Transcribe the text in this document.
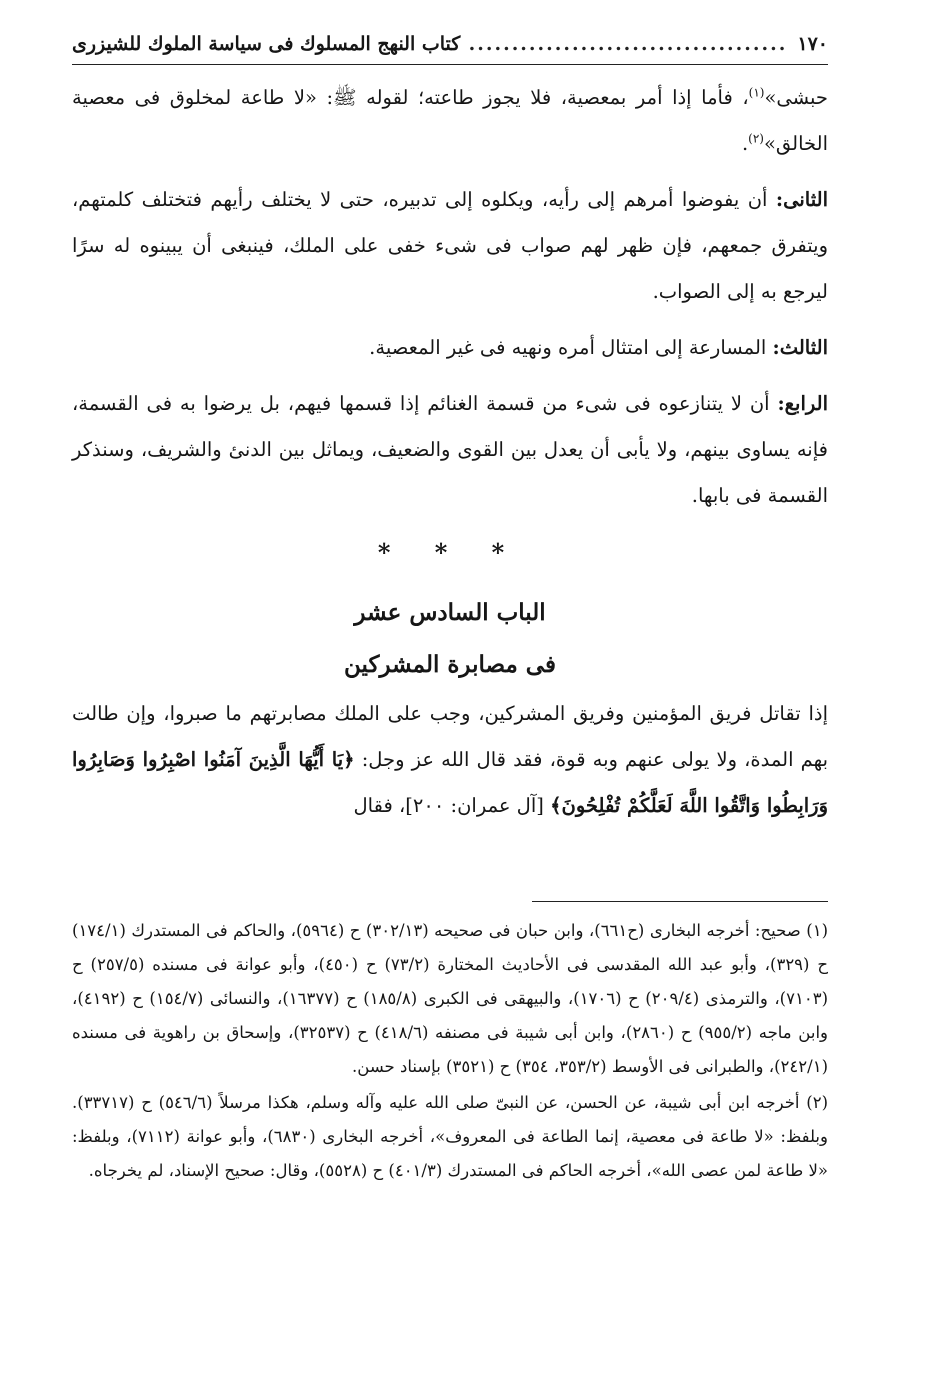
١٧٠
.....
كتاب النهج المسلوك فى سياسة الملوك للشيزرى

حبشى»$^{(١)}$، فأما إذا أمر بمعصية، فلا يجوز طاعته؛ لقوله ﷺ: «لا طاعة لمخلوق فى معصية الخالق»$^{(٢)}$.

الثانى: أن يفوضوا أمرهم إلى رأيه، ويكلوه إلى تدبيره، حتى لا يختلف رأيهم فتختلف كلمتهم، ويتفرق جمعهم، فإن ظهر لهم صواب فى شىء خفى على الملك، فينبغى أن يبينوه له سرًا ليرجع به إلى الصواب.

الثالث: المسارعة إلى امتثال أمره ونهيه فى غير المعصية.

الرابع: أن لا يتنازعوه فى شىء من قسمة الغنائم إذا قسمها فيهم، بل يرضوا به فى القسمة، فإنه يساوى بينهم، ولا يأبى أن يعدل بين القوى والضعيف، ويماثل بين الدنئ والشريف، وسنذكر القسمة فى بابها.

* * *
الباب السادس عشر
فى مصابرة المشركين

إذا تقاتل فريق المؤمنين وفريق المشركين، وجب على الملك مصابرتهم ما صبروا، وإن طالت بهم المدة، ولا يولى عنهم وبه قوة، فقد قال الله عز وجل: ﴿يَا أَيُّهَا الَّذِينَ آمَنُوا اصْبِرُوا وَصَابِرُوا وَرَابِطُوا وَاتَّقُوا اللَّهَ لَعَلَّكُمْ تُفْلِحُونَ﴾ [آل عمران: ٢٠٠]، فقال

(١) صحيح: أخرجه البخارى (ح٦٦١)، وابن حبان فى صحيحه (٣٠٢/١٣) ح (٥٩٦٤)، والحاكم فى المستدرك (١٧٤/١) ح (٣٢٩)، وأبو عبد الله المقدسى فى الأحاديث المختارة (٧٣/٢) ح (٤٥٠)، وأبو عوانة فى مسنده (٢٥٧/٥) ح (٧١٠٣)، والترمذى (٢٠٩/٤) ح (١٧٠٦)، والبيهقى فى الكبرى (١٨٥/٨) ح (١٦٣٧٧)، والنسائى (١٥٤/٧) ح (٤١٩٢)، وابن ماجه (٩٥٥/٢) ح (٢٨٦٠)، وابن أبى شيبة فى مصنفه (٤١٨/٦) ح (٣٢٥٣٧)، وإسحاق بن راهوية فى مسنده (٢٤٢/١)، والطبرانى فى الأوسط (٣٥٣/٢، ٣٥٤) ح (٣٥٢١) بإسناد حسن.

(٢) أخرجه ابن أبى شيبة، عن الحسن، عن النبىّ صلى الله عليه وآله وسلم، هكذا مرسلاً (٥٤٦/٦) ح (٣٣٧١٧). وبلفظ: «لا طاعة فى معصية، إنما الطاعة فى المعروف»، أخرجه البخارى (٦٨٣٠)، وأبو عوانة (٧١١٢)، وبلفظ: «لا طاعة لمن عصى الله»، أخرجه الحاكم فى المستدرك (٤٠١/٣) ح (٥٥٢٨)، وقال: صحيح الإسناد، لم يخرجاه.
